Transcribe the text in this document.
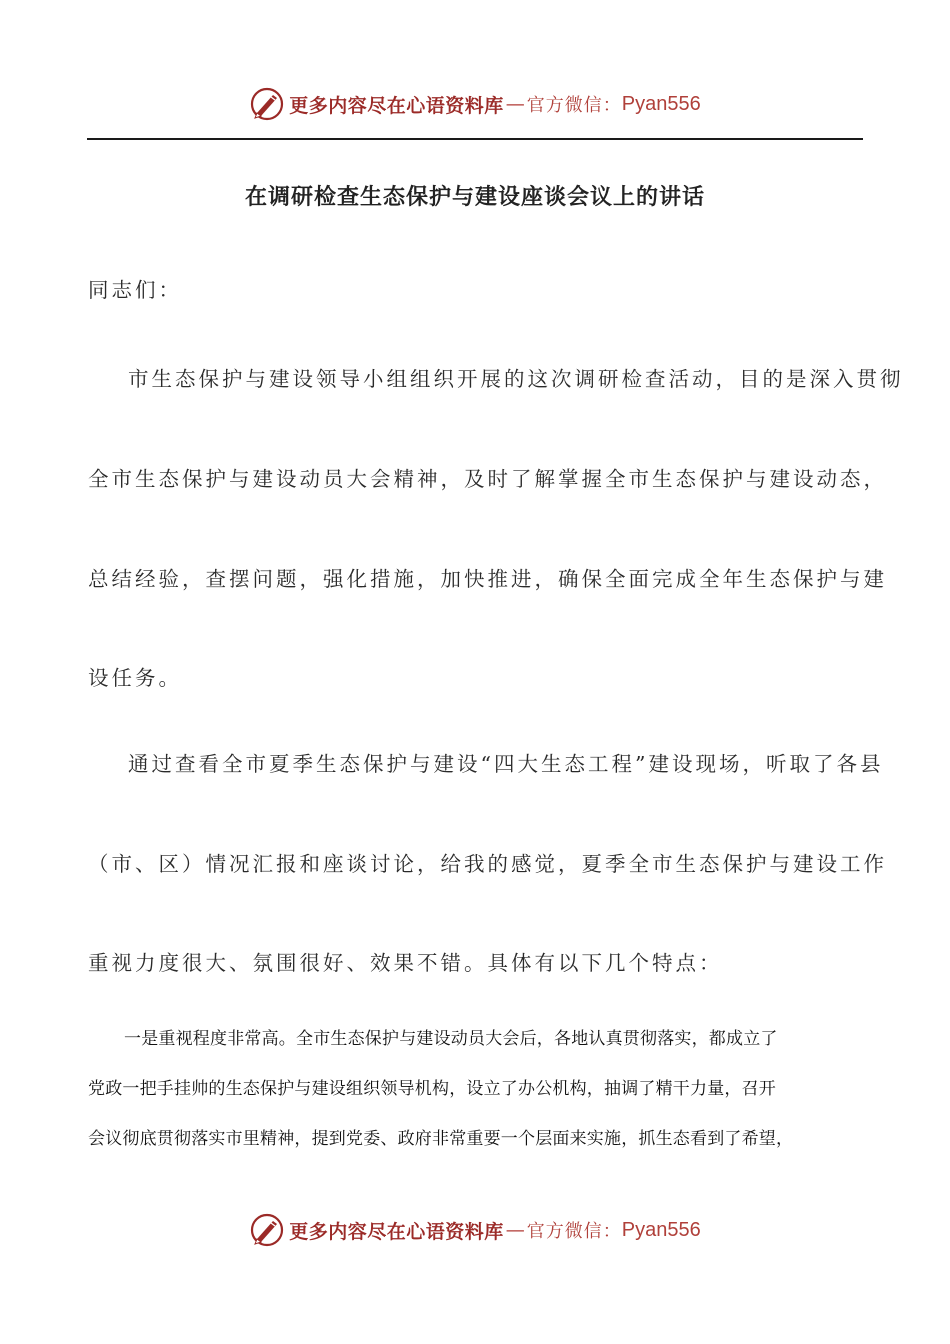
更多内容尽在心语资料库 — 官方微信： Pyan556
在调研检查生态保护与建设座谈会议上的讲话
同志们：
市生态保护与建设领导小组组织开展的这次调研检查活动，目的是深入贯彻
全市生态保护与建设动员大会精神，及时了解掌握全市生态保护与建设动态，
总结经验，查摆问题，强化措施，加快推进，确保全面完成全年生态保护与建
设任务。
通过查看全市夏季生态保护与建设“四大生态工程”建设现场，听取了各县
（市、区）情况汇报和座谈讨论，给我的感觉，夏季全市生态保护与建设工作
重视力度很大、氛围很好、效果不错。具体有以下几个特点：
一是重视程度非常高。全市生态保护与建设动员大会后，各地认真贯彻落实，都成立了
党政一把手挂帅的生态保护与建设组织领导机构，设立了办公机构，抽调了精干力量，召开
会议彻底贯彻落实市里精神，提到党委、政府非常重要一个层面来实施，抓生态看到了希望，
更多内容尽在心语资料库 — 官方微信： Pyan556
